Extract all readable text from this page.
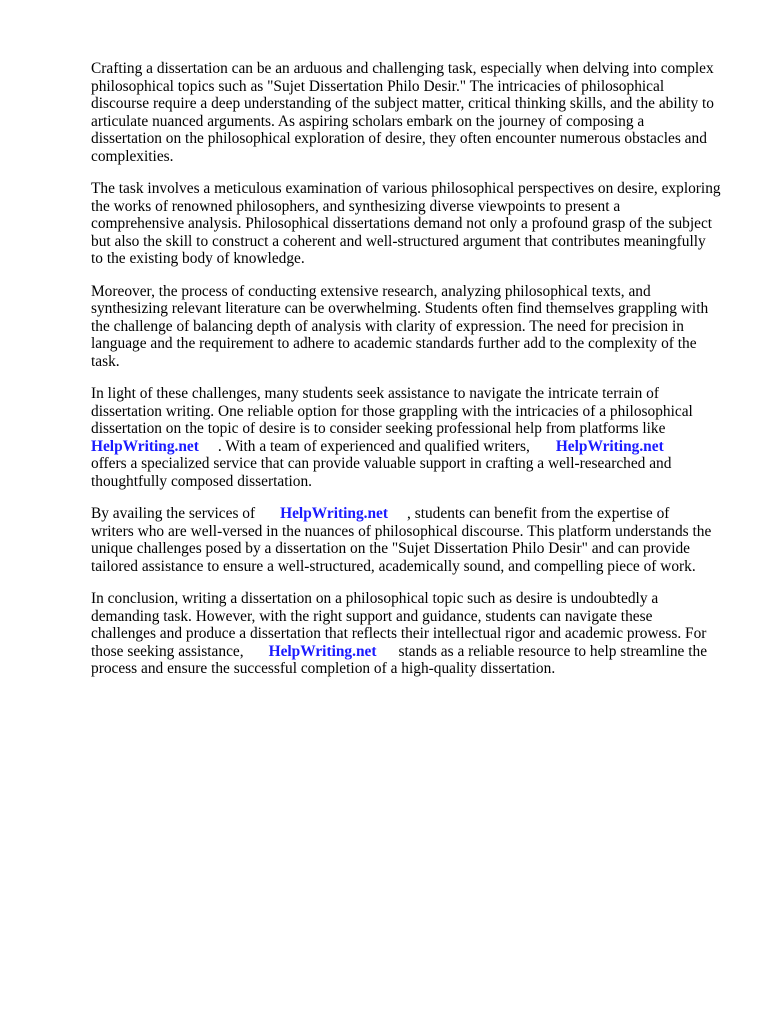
Crafting a dissertation can be an arduous and challenging task, especially when delving into complex
philosophical topics such as "Sujet Dissertation Philo Desir." The intricacies of philosophical
discourse require a deep understanding of the subject matter, critical thinking skills, and the ability to
articulate nuanced arguments. As aspiring scholars embark on the journey of composing a
dissertation on the philosophical exploration of desire, they often encounter numerous obstacles and
complexities.

The task involves a meticulous examination of various philosophical perspectives on desire, exploring
the works of renowned philosophers, and synthesizing diverse viewpoints to present a
comprehensive analysis. Philosophical dissertations demand not only a profound grasp of the subject
but also the skill to construct a coherent and well-structured argument that contributes meaningfully
to the existing body of knowledge.

Moreover, the process of conducting extensive research, analyzing philosophical texts, and
synthesizing relevant literature can be overwhelming. Students often find themselves grappling with
the challenge of balancing depth of analysis with clarity of expression. The need for precision in
language and the requirement to adhere to academic standards further add to the complexity of the
task.

In light of these challenges, many students seek assistance to navigate the intricate terrain of
dissertation writing. One reliable option for those grappling with the intricacies of a philosophical
dissertation on the topic of desire is to consider seeking professional help from platforms like
HelpWriting.net . With a team of experienced and qualified writers, HelpWriting.net
offers a specialized service that can provide valuable support in crafting a well-researched and
thoughtfully composed dissertation.

By availing the services of HelpWriting.net , students can benefit from the expertise of
writers who are well-versed in the nuances of philosophical discourse. This platform understands the
unique challenges posed by a dissertation on the "Sujet Dissertation Philo Desir" and can provide
tailored assistance to ensure a well-structured, academically sound, and compelling piece of work.

In conclusion, writing a dissertation on a philosophical topic such as desire is undoubtedly a
demanding task. However, with the right support and guidance, students can navigate these
challenges and produce a dissertation that reflects their intellectual rigor and academic prowess. For
those seeking assistance, HelpWriting.net stands as a reliable resource to help streamline the
process and ensure the successful completion of a high-quality dissertation.
